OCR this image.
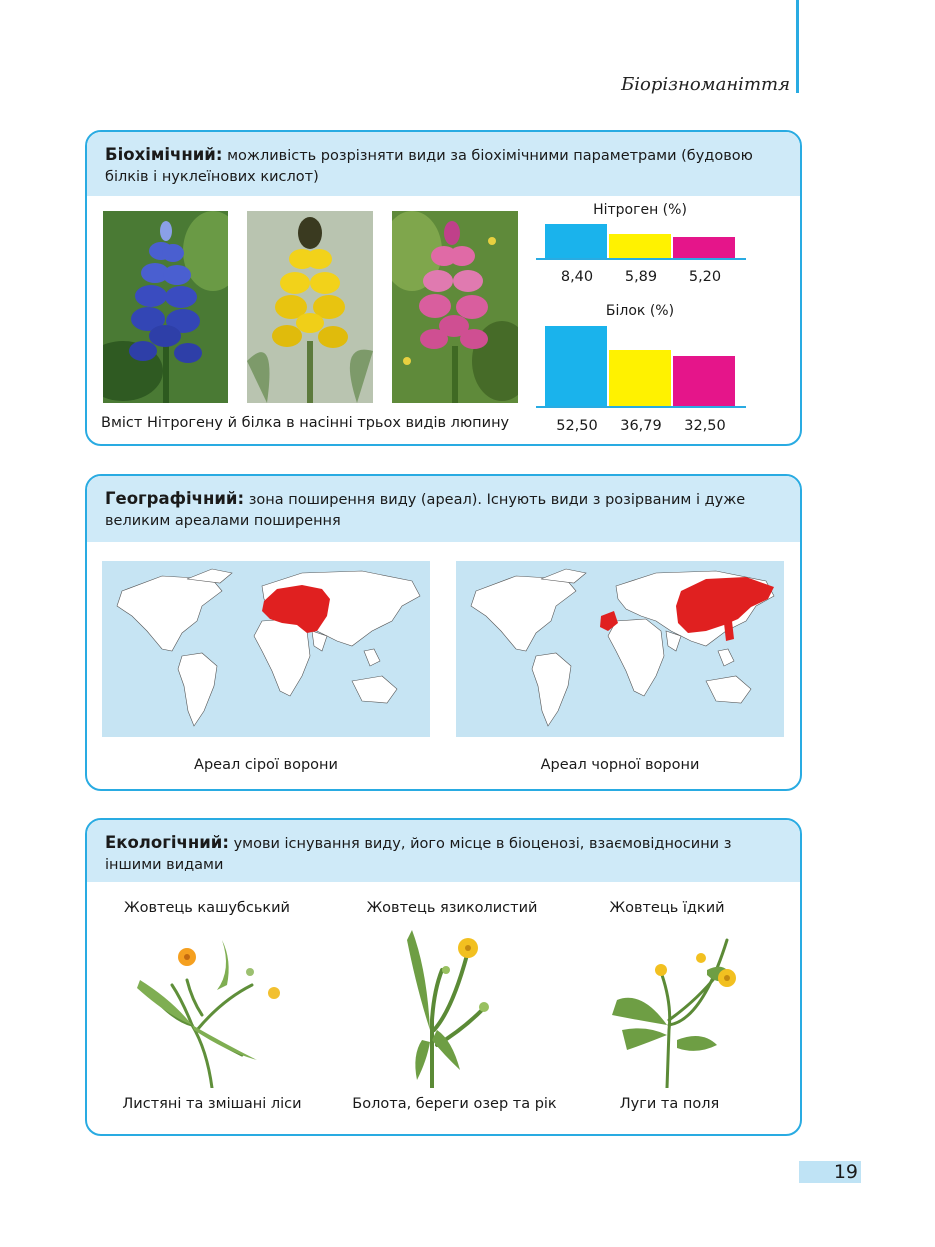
Біорізноманіття
Біохімічний: можливість розрізняти види за біохімічними параметрами (будовою білків і нуклеїнових кислот)
Вміст Нітрогену й білка в насінні трьох видів люпину
Нітроген (%)
8,40	5,89	5,20
Білок (%)
52,50	36,79	32,50
Географічний: зона поширення виду (ареал). Існують види з розірваним і дуже великим ареалами поширення
Ареал сірої ворони	Ареал чорної ворони
Екологічний: умови існування виду, його місце в біоценозі, взаємовідносини з іншими видами
Жовтець кашубський	Жовтець язиколистий	Жовтець їдкий
Листяні та змішані ліси	Болота, береги озер та рік	Луги та поля
19
